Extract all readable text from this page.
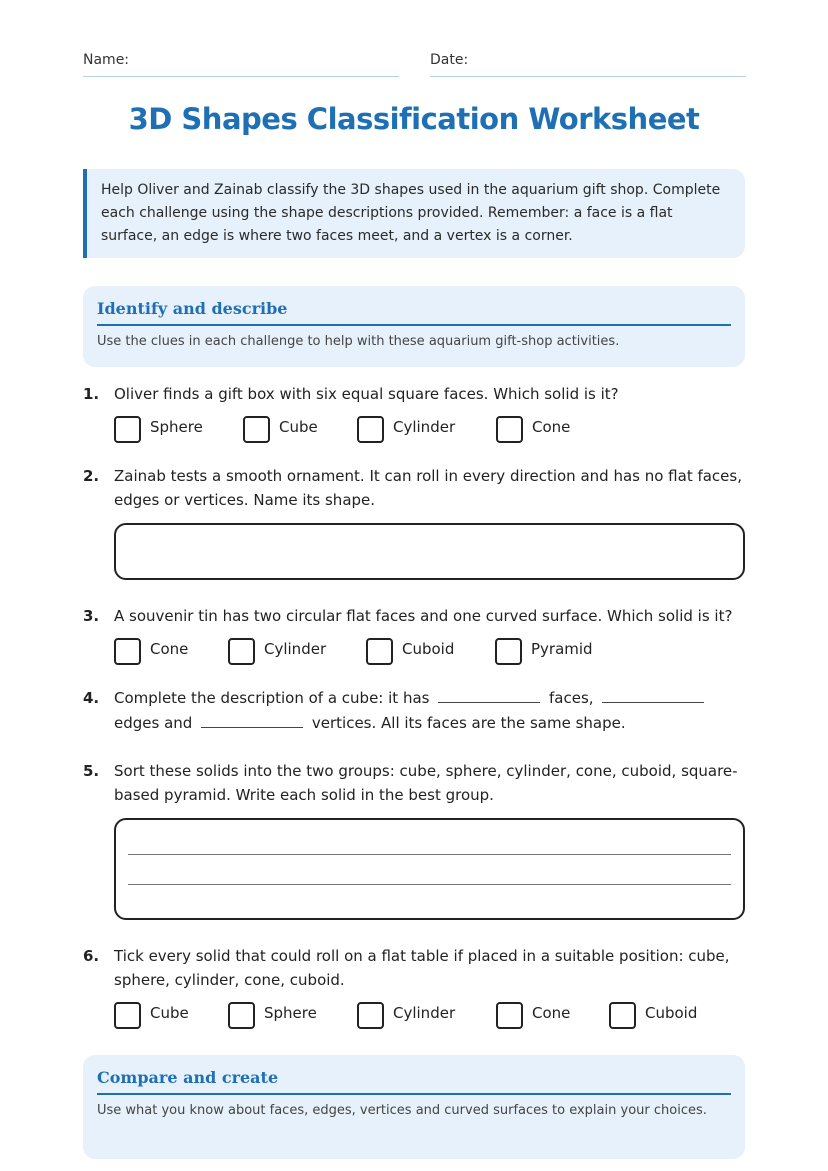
Name:	Date:
3D Shapes Classification Worksheet
Help Oliver and Zainab classify the 3D shapes used in the aquarium gift shop. Complete each challenge using the shape descriptions provided. Remember: a face is a flat surface, an edge is where two faces meet, and a vertex is a corner.
Identify and describe
Use the clues in each challenge to help with these aquarium gift-shop activities.
1. Oliver finds a gift box with six equal square faces. Which solid is it?
Sphere	Cube	Cylinder	Cone
2. Zainab tests a smooth ornament. It can roll in every direction and has no flat faces, edges or vertices. Name its shape.
3. A souvenir tin has two circular flat faces and one curved surface. Which solid is it?
Cone	Cylinder	Cuboid	Pyramid
4. Complete the description of a cube: it has	faces,  edges and	vertices. All its faces are the same shape.
5. Sort these solids into the two groups: cube, sphere, cylinder, cone, cuboid, square-based pyramid. Write each solid in the best group.
6. Tick every solid that could roll on a flat table if placed in a suitable position: cube, sphere, cylinder, cone, cuboid.
Cube	Sphere	Cylinder	Cone	Cuboid
Compare and create
Use what you know about faces, edges, vertices and curved surfaces to explain your choices.
